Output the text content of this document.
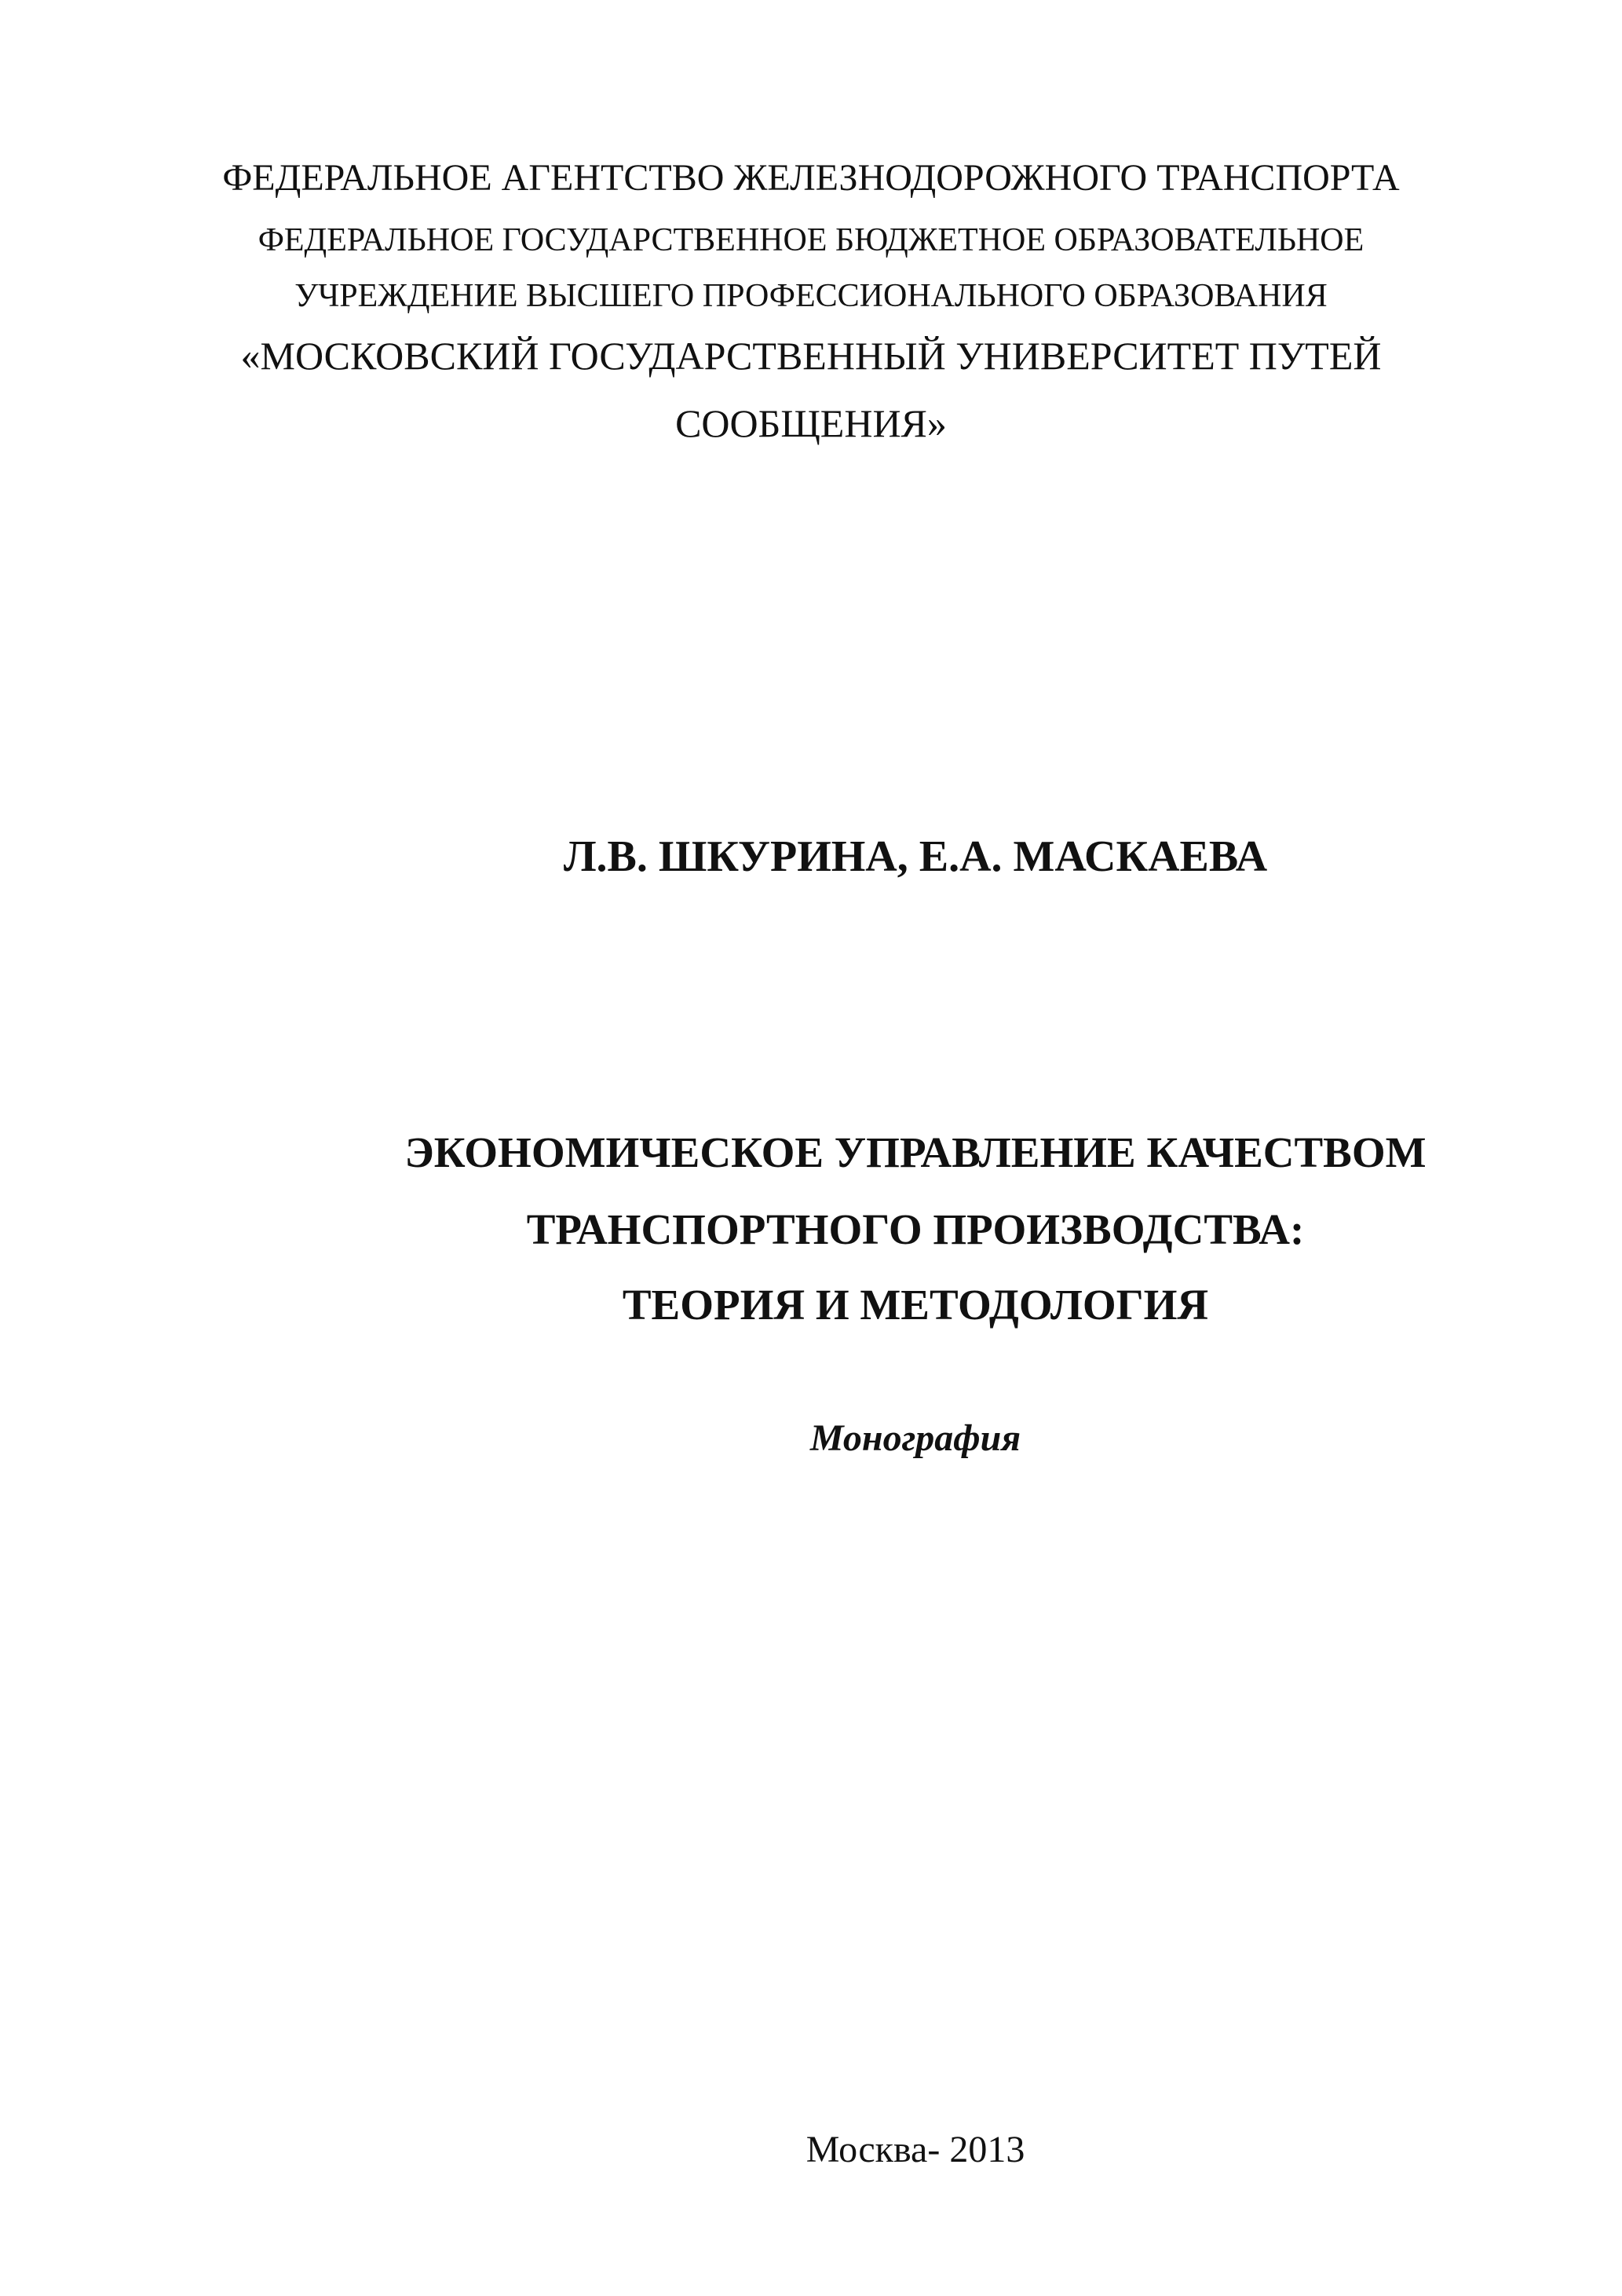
ФЕДЕРАЛЬНОЕ АГЕНТСТВО ЖЕЛЕЗНОДОРОЖНОГО ТРАНСПОРТА
ФЕДЕРАЛЬНОЕ ГОСУДАРСТВЕННОЕ БЮДЖЕТНОЕ ОБРАЗОВАТЕЛЬНОЕ
УЧРЕЖДЕНИЕ ВЫСШЕГО ПРОФЕССИОНАЛЬНОГО ОБРАЗОВАНИЯ
«МОСКОВСКИЙ ГОСУДАРСТВЕННЫЙ УНИВЕРСИТЕТ ПУТЕЙ
СООБЩЕНИЯ»
Л.В. ШКУРИНА, Е.А. МАСКАЕВА
ЭКОНОМИЧЕСКОЕ УПРАВЛЕНИЕ КАЧЕСТВОМ
ТРАНСПОРТНОГО ПРОИЗВОДСТВА:
ТЕОРИЯ И МЕТОДОЛОГИЯ
Монография
Москва- 2013
